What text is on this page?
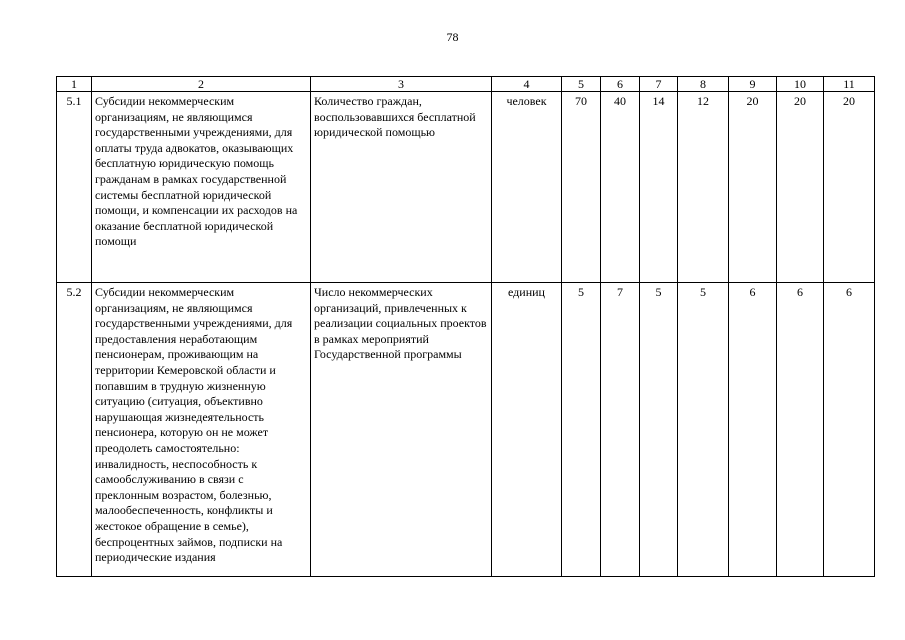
78
1	2	3	4	5	6	7	8	9	10	11
5.1	Субсидии некоммерческим организациям, не являющимся государственными учреждениями, для оплаты труда адвокатов, оказывающих бесплатную юридическую помощь гражданам в рамках государственной системы бесплатной юридической помощи, и компенсации их расходов на оказание бесплатной юридической помощи	Количество граждан, воспользовавшихся бесплатной юридической помощью	человек	70	40	14	12	20	20	20
5.2	Субсидии некоммерческим организациям, не являющимся государственными учреждениями, для предоставления неработающим пенсионерам, проживающим на территории Кемеровской области и попавшим в трудную жизненную ситуацию (ситуация, объективно нарушающая жизнедеятельность пенсионера, которую он не может преодолеть самостоятельно: инвалидность, неспособность к самообслуживанию в связи с преклонным возрастом, болезнью, малообеспеченность, конфликты и жестокое обращение в семье), беспроцентных займов, подписки на периодические издания	Число некоммерческих организаций, привлеченных к реализации социальных проектов в рамках мероприятий Государственной программы	единиц	5	7	5	5	6	6	6
